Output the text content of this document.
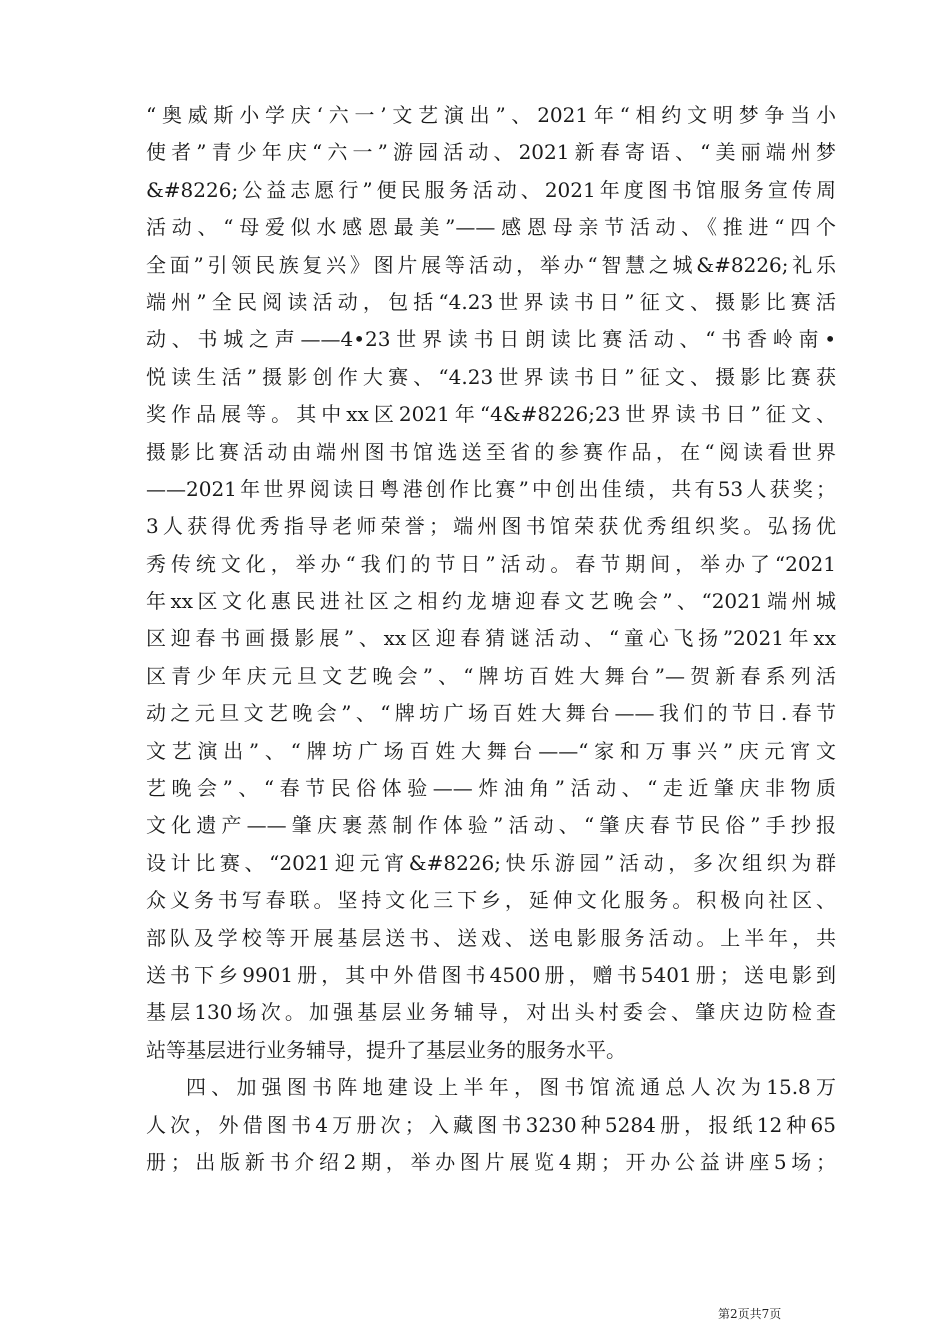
“奥威斯小学庆‘六一’文艺演出”、2021年“相约文明梦争当小
使者”青少年庆“六一”游园活动、2021新春寄语、“美丽端州梦
&#8226;公益志愿行”便民服务活动、2021年度图书馆服务宣传周
活动、“母爱似水感恩最美”——感恩母亲节活动、《推进“四个
全面”引领民族复兴》图片展等活动，举办“智慧之城&#8226;礼乐
端州”全民阅读活动，包括“4.23世界读书日”征文、摄影比赛活
动、书城之声——4•23世界读书日朗读比赛活动、“书香岭南•
悦读生活”摄影创作大赛、“4.23世界读书日”征文、摄影比赛获
奖作品展等。其中xx区2021年“4&#8226;23世界读书日”征文、
摄影比赛活动由端州图书馆选送至省的参赛作品，在“阅读看世界
——2021年世界阅读日粤港创作比赛”中创出佳绩，共有53人获奖；
3人获得优秀指导老师荣誉；端州图书馆荣获优秀组织奖。弘扬优
秀传统文化，举办“我们的节日”活动。春节期间，举办了“2021
年xx区文化惠民进社区之相约龙塘迎春文艺晚会”、“2021端州城
区迎春书画摄影展”、xx区迎春猜谜活动、“童心飞扬”2021年xx
区青少年庆元旦文艺晚会”、“牌坊百姓大舞台”—贺新春系列活
动之元旦文艺晚会”、“牌坊广场百姓大舞台——我们的节日.春节
文艺演出”、“牌坊广场百姓大舞台——“家和万事兴”庆元宵文
艺晚会”、“春节民俗体验——炸油角”活动、“走近肇庆非物质
文化遗产——肇庆裹蒸制作体验”活动、“肇庆春节民俗”手抄报
设计比赛、“2021迎元宵&#8226;快乐游园”活动，多次组织为群
众义务书写春联。坚持文化三下乡，延伸文化服务。积极向社区、
部队及学校等开展基层送书、送戏、送电影服务活动。上半年，共
送书下乡9901册，其中外借图书4500册，赠书5401册；送电影到
基层130场次。加强基层业务辅导，对出头村委会、肇庆边防检查
站等基层进行业务辅导，提升了基层业务的服务水平。
四、加强图书阵地建设上半年，图书馆流通总人次为15.8万
人次，外借图书4万册次；入藏图书3230种5284册，报纸12种65
册；出版新书介绍2期，举办图片展览4期；开办公益讲座5场；
第2页共7页
